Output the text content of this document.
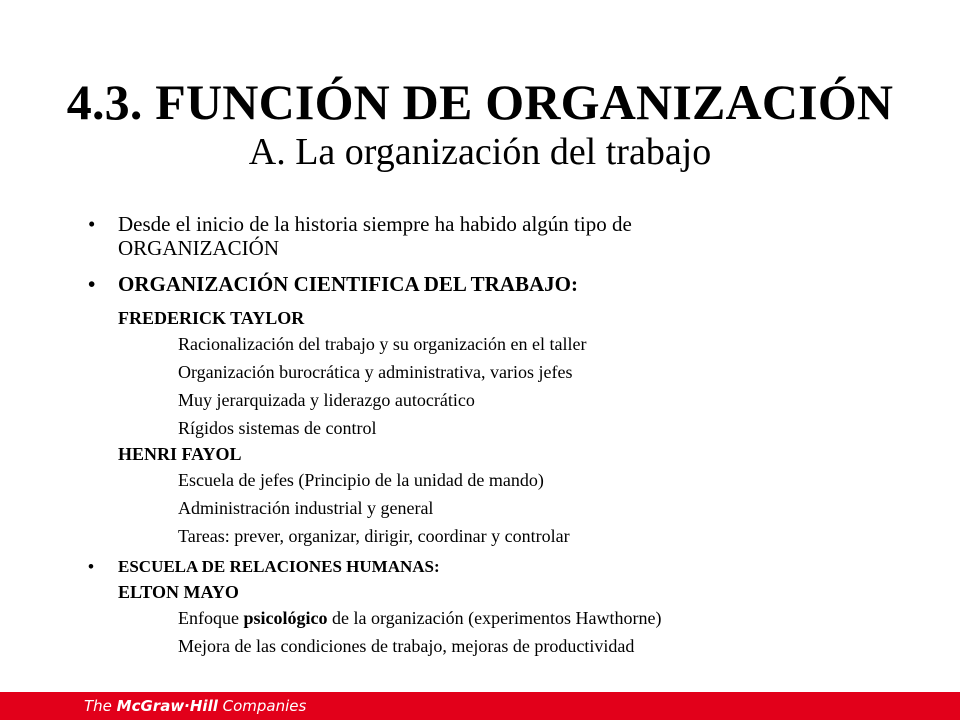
4.3. FUNCIÓN DE ORGANIZACIÓN
A. La organización del trabajo
• Desde el inicio de la historia siempre ha habido algún tipo de
ORGANIZACIÓN
• ORGANIZACIÓN CIENTIFICA DEL TRABAJO:
FREDERICK TAYLOR
Racionalización del trabajo y su organización en el taller
Organización burocrática y administrativa, varios jefes
Muy jerarquizada y liderazgo autocrático
Rígidos sistemas de control
HENRI FAYOL
Escuela de jefes (Principio de la unidad de mando)
Administración industrial y general
Tareas: prever, organizar, dirigir, coordinar y controlar
• ESCUELA DE RELACIONES HUMANAS:
ELTON MAYO
Enfoque psicológico de la organización (experimentos Hawthorne)
Mejora de las condiciones de trabajo, mejoras de productividad
The McGraw·Hill Companies
